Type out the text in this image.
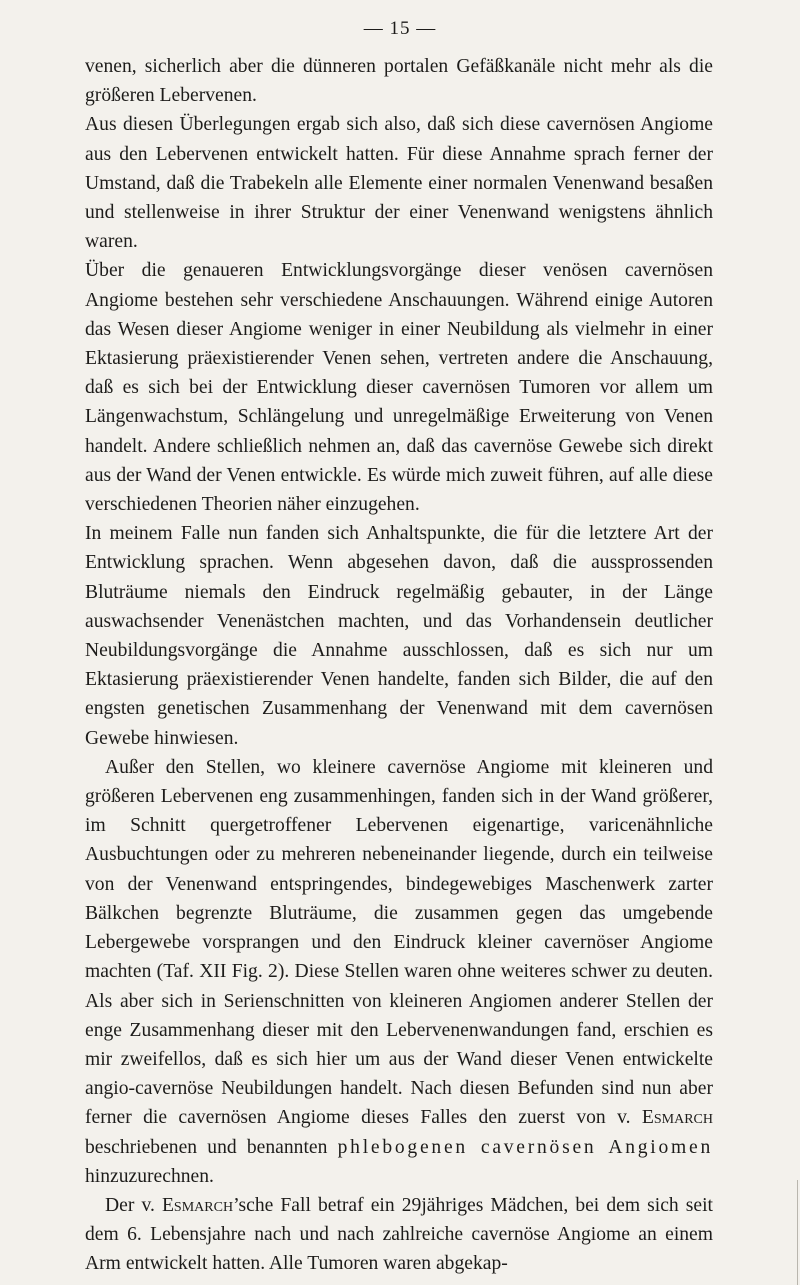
— 15 —

venen, sicherlich aber die dünneren portalen Gefäßkanäle nicht mehr als die größeren Lebervenen.

Aus diesen Überlegungen ergab sich also, daß sich diese cavernösen Angiome aus den Lebervenen entwickelt hatten. Für diese Annahme sprach ferner der Umstand, daß die Trabekeln alle Elemente einer normalen Venenwand besaßen und stellenweise in ihrer Struktur der einer Venenwand wenigstens ähnlich waren.

Über die genaueren Entwicklungsvorgänge dieser venösen cavernösen Angiome bestehen sehr verschiedene Anschauungen. Während einige Autoren das Wesen dieser Angiome weniger in einer Neubildung als vielmehr in einer Ektasierung präexistierender Venen sehen, vertreten andere die Anschauung, daß es sich bei der Entwicklung dieser cavernösen Tumoren vor allem um Längenwachstum, Schlängelung und unregelmäßige Erweiterung von Venen handelt. Andere schließlich nehmen an, daß das cavernöse Gewebe sich direkt aus der Wand der Venen entwickle. Es würde mich zuweit führen, auf alle diese verschiedenen Theorien näher einzugehen.

In meinem Falle nun fanden sich Anhaltspunkte, die für die letztere Art der Entwicklung sprachen. Wenn abgesehen davon, daß die aussprossenden Bluträume niemals den Eindruck regelmäßig gebauter, in der Länge auswachsender Venenästchen machten, und das Vorhandensein deutlicher Neubildungsvorgänge die Annahme ausschlossen, daß es sich nur um Ektasierung präexistierender Venen handelte, fanden sich Bilder, die auf den engsten genetischen Zusammenhang der Venenwand mit dem cavernösen Gewebe hinwiesen.

Außer den Stellen, wo kleinere cavernöse Angiome mit kleineren und größeren Lebervenen eng zusammenhingen, fanden sich in der Wand größerer, im Schnitt quergetroffener Lebervenen eigenartige, varicenähnliche Ausbuchtungen oder zu mehreren nebeneinander liegende, durch ein teilweise von der Venenwand entspringendes, bindegewebiges Maschenwerk zarter Bälkchen begrenzte Bluträume, die zusammen gegen das umgebende Lebergewebe vorsprangen und den Eindruck kleiner cavernöser Angiome machten (Taf. XII Fig. 2). Diese Stellen waren ohne weiteres schwer zu deuten. Als aber sich in Serienschnitten von kleineren Angiomen anderer Stellen der enge Zusammenhang dieser mit den Lebervenenwandungen fand, erschien es mir zweifellos, daß es sich hier um aus der Wand dieser Venen entwickelte angio-cavernöse Neubildungen handelt. Nach diesen Befunden sind nun aber ferner die cavernösen Angiome dieses Falles den zuerst von v. Esmarch beschriebenen und benannten phlebogenen cavernösen Angiomen hinzuzurechnen.

Der v. Esmarch’sche Fall betraf ein 29jähriges Mädchen, bei dem sich seit dem 6. Lebensjahre nach und nach zahlreiche cavernöse Angiome an einem Arm entwickelt hatten. Alle Tumoren waren abgekap-
